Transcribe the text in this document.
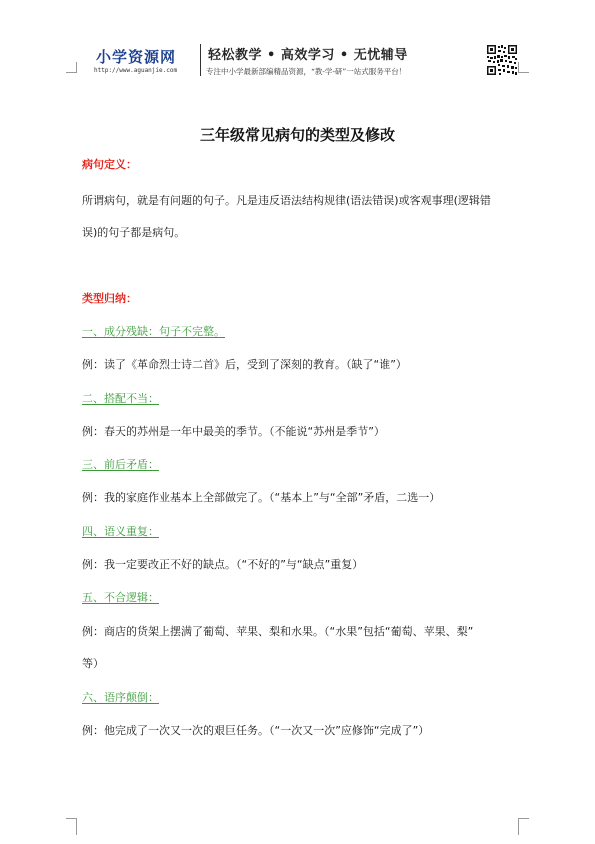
小学资源网
http://www.aguanjie.com
轻松教学 • 高效学习 • 无忧辅导
专注中小学最新部编精品资源，“教-学-研”一站式服务平台！
三年级常见病句的类型及修改
病句定义：
所谓病句，就是有问题的句子。凡是违反语法结构规律(语法错误)或客观事理(逻辑错
误)的句子都是病句。
类型归纳：
一、成分残缺：句子不完整。
例：读了《革命烈士诗二首》后，受到了深刻的教育。（缺了“谁”）
二、搭配不当：
例：春天的苏州是一年中最美的季节。（不能说“苏州是季节”）
三、前后矛盾：
例：我的家庭作业基本上全部做完了。（“基本上”与“全部”矛盾，二选一）
四、语义重复：
例：我一定要改正不好的缺点。（“不好的”与“缺点”重复）
五、不合逻辑：
例：商店的货架上摆满了葡萄、苹果、梨和水果。（“水果”包括“葡萄、苹果、梨”
等）
六、语序颠倒：
例：他完成了一次又一次的艰巨任务。（“一次又一次”应修饰“完成了”）
